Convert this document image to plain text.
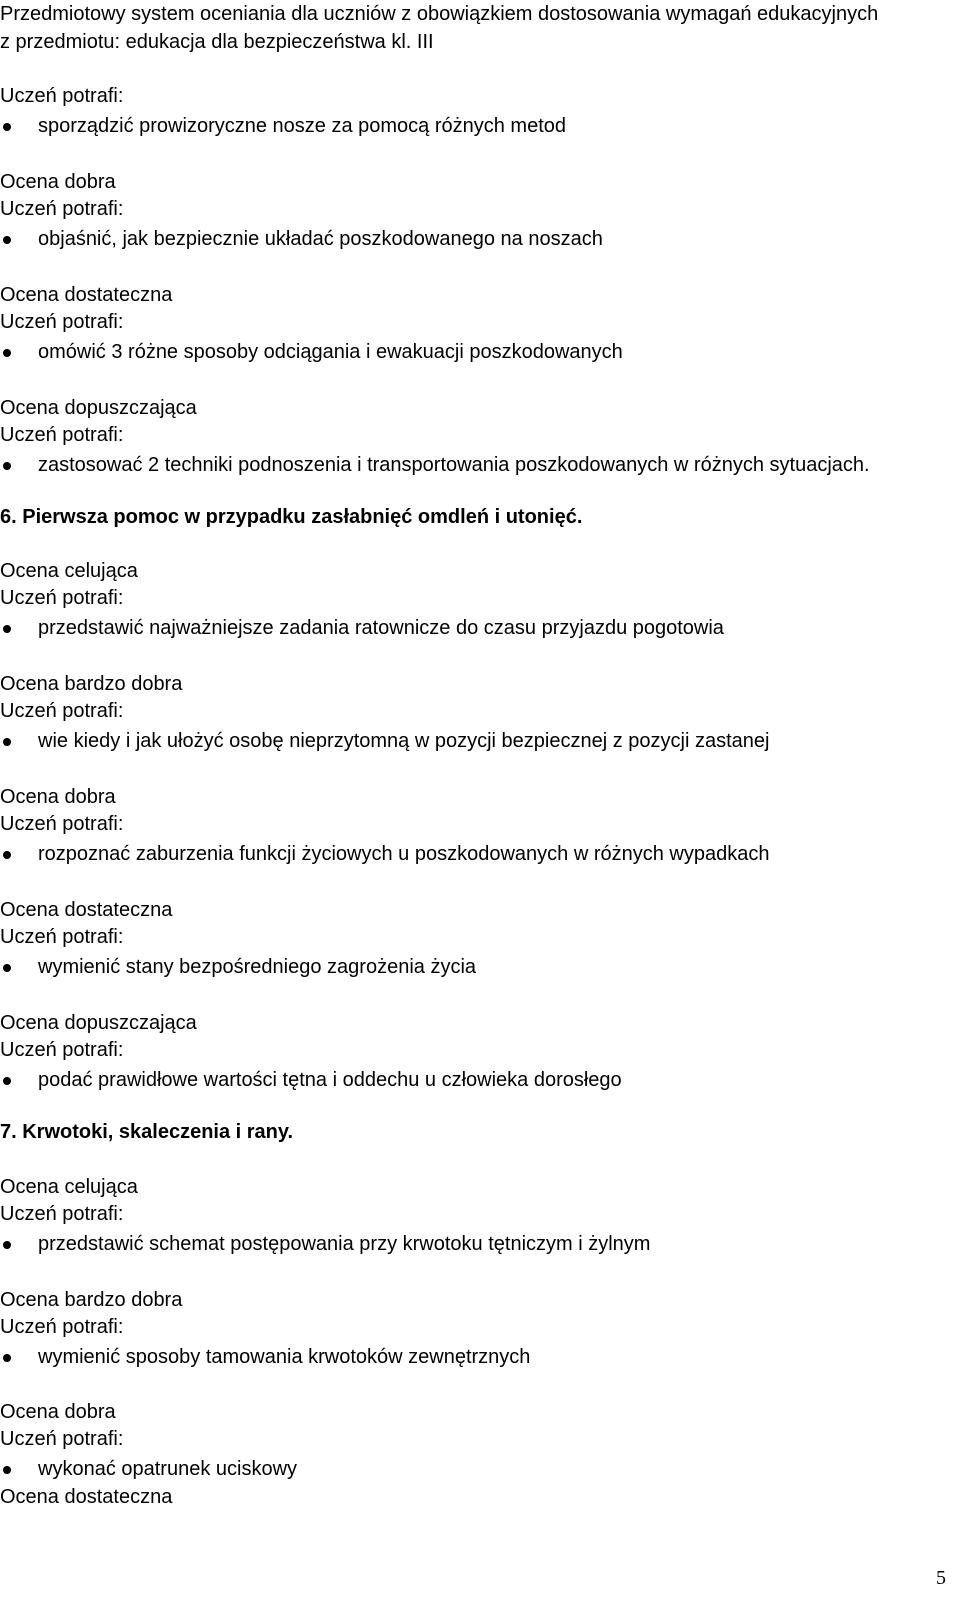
Przedmiotowy system oceniania dla uczniów z obowiązkiem dostosowania wymagań edukacyjnych
z przedmiotu: edukacja dla bezpieczeństwa kl. III
Uczeń potrafi:
sporządzić prowizoryczne nosze za pomocą różnych metod
Ocena dobra
Uczeń potrafi:
objaśnić, jak bezpiecznie układać poszkodowanego na noszach
Ocena dostateczna
Uczeń potrafi:
omówić 3 różne sposoby odciągania i ewakuacji poszkodowanych
Ocena dopuszczająca
Uczeń potrafi:
zastosować 2 techniki podnoszenia i transportowania poszkodowanych w różnych sytuacjach.
6. Pierwsza pomoc w przypadku zasłabnięć omdleń i utonięć.
Ocena celująca
Uczeń potrafi:
przedstawić najważniejsze zadania ratownicze do czasu przyjazdu pogotowia
Ocena bardzo dobra
Uczeń potrafi:
wie kiedy i jak ułożyć osobę nieprzytomną w pozycji bezpiecznej z pozycji zastanej
Ocena dobra
Uczeń potrafi:
rozpoznać zaburzenia funkcji życiowych u poszkodowanych w różnych wypadkach
Ocena dostateczna
Uczeń potrafi:
wymienić stany bezpośredniego zagrożenia życia
Ocena dopuszczająca
Uczeń potrafi:
podać prawidłowe wartości tętna i oddechu u człowieka dorosłego
7. Krwotoki, skaleczenia i rany.
Ocena celująca
Uczeń potrafi:
przedstawić schemat postępowania przy krwotoku tętniczym i żylnym
Ocena bardzo dobra
Uczeń potrafi:
wymienić sposoby tamowania krwotoków zewnętrznych
Ocena dobra
Uczeń potrafi:
wykonać opatrunek uciskowy
Ocena dostateczna
5
